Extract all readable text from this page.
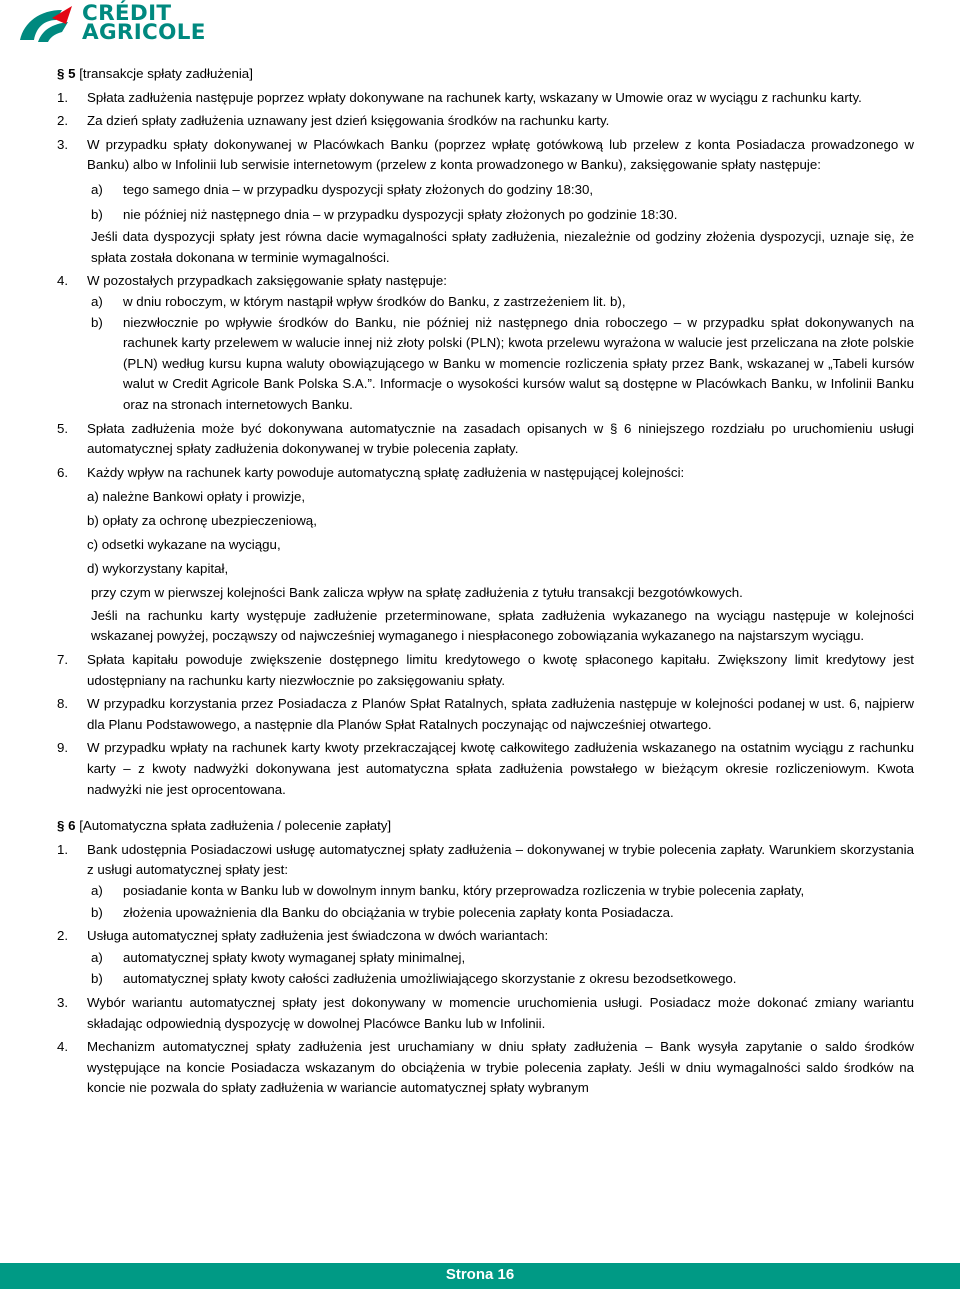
CRÉDIT
AGRICOLE

§ 5 [transakcje spłaty zadłużenia]

1. Spłata zadłużenia następuje poprzez wpłaty dokonywane na rachunek karty, wskazany w Umowie oraz w wyciągu z rachunku karty.

2. Za dzień spłaty zadłużenia uznawany jest dzień księgowania środków na rachunku karty.

3. W przypadku spłaty dokonywanej w Placówkach Banku (poprzez wpłatę gotówkową lub przelew z konta Posiadacza prowadzonego w Banku) albo w Infolinii lub serwisie internetowym (przelew z konta prowadzonego w Banku), zaksięgowanie spłaty następuje:

a) tego samego dnia – w przypadku dyspozycji spłaty złożonych do godziny 18:30,

b) nie później niż następnego dnia – w przypadku dyspozycji spłaty złożonych po godzinie 18:30.

Jeśli data dyspozycji spłaty jest równa dacie wymagalności spłaty zadłużenia, niezależnie od godziny złożenia dyspozycji, uznaje się, że spłata została dokonana w terminie wymagalności.

4. W pozostałych przypadkach zaksięgowanie spłaty następuje:

a) w dniu roboczym, w którym nastąpił wpływ środków do Banku, z zastrzeżeniem lit. b),

b) niezwłocznie po wpływie środków do Banku, nie później niż następnego dnia roboczego – w przypadku spłat dokonywanych na rachunek karty przelewem w walucie innej niż złoty polski (PLN); kwota przelewu wyrażona w walucie jest przeliczana na złote polskie (PLN) według kursu kupna waluty obowiązującego w Banku w momencie rozliczenia spłaty przez Bank, wskazanej w „Tabeli kursów walut w Credit Agricole Bank Polska S.A.”. Informacje o wysokości kursów walut są dostępne w Placówkach Banku, w Infolinii Banku oraz na stronach internetowych Banku.

5. Spłata zadłużenia może być dokonywana automatycznie na zasadach opisanych w § 6 niniejszego rozdziału po uruchomieniu usługi automatycznej spłaty zadłużenia dokonywanej w trybie polecenia zapłaty.

6. Każdy wpływ na rachunek karty powoduje automatyczną spłatę zadłużenia w następującej kolejności:

a) należne Bankowi opłaty i prowizje,

b) opłaty za ochronę ubezpieczeniową,

c) odsetki wykazane na wyciągu,

d) wykorzystany kapitał,

przy czym w pierwszej kolejności Bank zalicza wpływ na spłatę zadłużenia z tytułu transakcji bezgotówkowych.

Jeśli na rachunku karty występuje zadłużenie przeterminowane, spłata zadłużenia wykazanego na wyciągu następuje w kolejności wskazanej powyżej, począwszy od najwcześniej wymaganego i niespłaconego zobowiązania wykazanego na najstarszym wyciągu.

7. Spłata kapitału powoduje zwiększenie dostępnego limitu kredytowego o kwotę spłaconego kapitału. Zwiększony limit kredytowy jest udostępniany na rachunku karty niezwłocznie po zaksięgowaniu spłaty.

8. W przypadku korzystania przez Posiadacza z Planów Spłat Ratalnych, spłata zadłużenia następuje w kolejności podanej w ust. 6, najpierw dla Planu Podstawowego, a następnie dla Planów Spłat Ratalnych poczynając od najwcześniej otwartego.

9. W przypadku wpłaty na rachunek karty kwoty przekraczającej kwotę całkowitego zadłużenia wskazanego na ostatnim wyciągu z rachunku karty – z kwoty nadwyżki dokonywana jest automatyczna spłata zadłużenia powstałego w bieżącym okresie rozliczeniowym. Kwota nadwyżki nie jest oprocentowana.

§ 6 [Automatyczna spłata zadłużenia / polecenie zapłaty]

1. Bank udostępnia Posiadaczowi usługę automatycznej spłaty zadłużenia – dokonywanej w trybie polecenia zapłaty. Warunkiem skorzystania z usługi automatycznej spłaty jest:

a) posiadanie konta w Banku lub w dowolnym innym banku, który przeprowadza rozliczenia w trybie polecenia zapłaty,

b) złożenia upoważnienia dla Banku do obciążania w trybie polecenia zapłaty konta Posiadacza.

2. Usługa automatycznej spłaty zadłużenia jest świadczona w dwóch wariantach:

a) automatycznej spłaty kwoty wymaganej spłaty minimalnej,

b) automatycznej spłaty kwoty całości zadłużenia umożliwiającego skorzystanie z okresu bezodsetkowego.

3. Wybór wariantu automatycznej spłaty jest dokonywany w momencie uruchomienia usługi. Posiadacz może dokonać zmiany wariantu składając odpowiednią dyspozycję w dowolnej Placówce Banku lub w Infolinii.

4. Mechanizm automatycznej spłaty zadłużenia jest uruchamiany w dniu spłaty zadłużenia – Bank wysyła zapytanie o saldo środków występujące na koncie Posiadacza wskazanym do obciążenia w trybie polecenia zapłaty. Jeśli w dniu wymagalności saldo środków na koncie nie pozwala do spłaty zadłużenia w wariancie automatycznej spłaty wybranym

Strona 16
